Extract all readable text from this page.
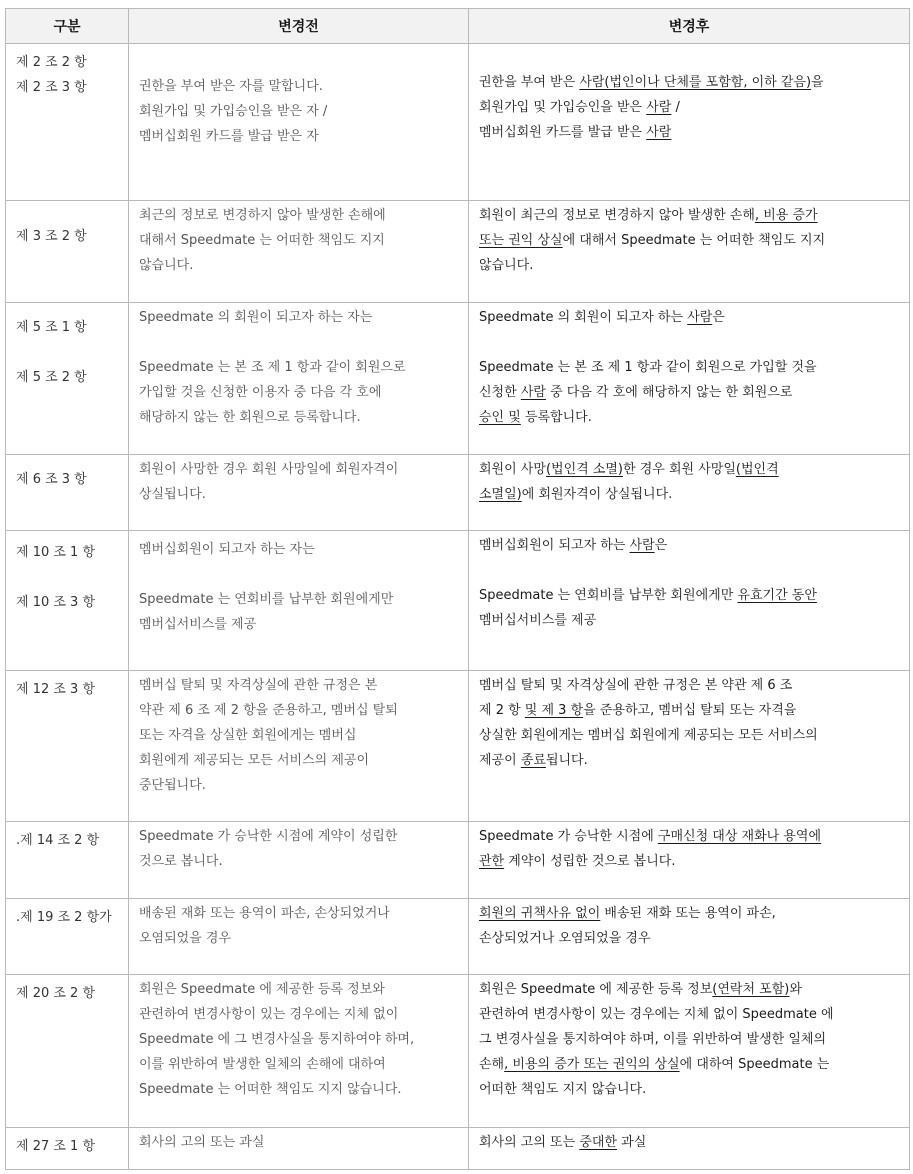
구분	변경전	변경후

제 2 조 2 항
제 2 조 3 항	권한을 부여 받은 자를 말합니다.
회원가입 및 가입승인을 받은 자 /
멤버십회원 카드를 발급 받은 자	권한을 부여 받은 사람(법인이나 단체를 포함함, 이하 같음)을
회원가입 및 가입승인을 받은 사람 /
멤버십회원 카드를 발급 받은 사람

제 3 조 2 항	최근의 정보로 변경하지 않아 발생한 손해에
대해서 Speedmate 는 어떠한 책임도 지지
않습니다.	회원이 최근의 정보로 변경하지 않아 발생한 손해, 비용 증가
또는 권익 상실에 대해서 Speedmate 는 어떠한 책임도 지지
않습니다.

제 5 조 1 항

제 5 조 2 항	Speedmate 의 회원이 되고자 하는 자는
Speedmate 는 본 조 제 1 항과 같이 회원으로
가입할 것을 신청한 이용자 중 다음 각 호에
해당하지 않는 한 회원으로 등록합니다.	Speedmate 의 회원이 되고자 하는 사람은
Speedmate 는 본 조 제 1 항과 같이 회원으로 가입할 것을
신청한 사람 중 다음 각 호에 해당하지 않는 한 회원으로
승인 및 등록합니다.

제 6 조 3 항	회원이 사망한 경우 회원 사망일에 회원자격이
상실됩니다.	회원이 사망(법인격 소멸)한 경우 회원 사망일(법인격
소멸일)에 회원자격이 상실됩니다.

제 10 조 1 항

제 10 조 3 항	멤버십회원이 되고자 하는 자는
Speedmate 는 연회비를 납부한 회원에게만
멤버십서비스를 제공	멤버십회원이 되고자 하는 사람은
Speedmate 는 연회비를 납부한 회원에게만 유효기간 동안
멤버십서비스를 제공

제 12 조 3 항	멤버십 탈퇴 및 자격상실에 관한 규정은 본
약관 제 6 조 제 2 항을 준용하고, 멤버십 탈퇴
또는 자격을 상실한 회원에게는 멤버십
회원에게 제공되는 모든 서비스의 제공이
중단됩니다.	멤버십 탈퇴 및 자격상실에 관한 규정은 본 약관 제 6 조
제 2 항 및 제 3 항을 준용하고, 멤버십 탈퇴 또는 자격을
상실한 회원에게는 멤버십 회원에게 제공되는 모든 서비스의
제공이 종료됩니다.

.제 14 조 2 항	Speedmate 가 승낙한 시점에 계약이 성립한
것으로 봅니다.	Speedmate 가 승낙한 시점에 구매신청 대상 재화나 용역에
관한 계약이 성립한 것으로 봅니다.

.제 19 조 2 항가	배송된 재화 또는 용역이 파손, 손상되었거나
오염되었을 경우	회원의 귀책사유 없이 배송된 재화 또는 용역이 파손,
손상되었거나 오염되었을 경우

제 20 조 2 항	회원은 Speedmate 에 제공한 등록 정보와
관련하여 변경사항이 있는 경우에는 지체 없이
Speedmate 에 그 변경사실을 통지하여야 하며,
이를 위반하여 발생한 일체의 손해에 대하여
Speedmate 는 어떠한 책임도 지지 않습니다.	회원은 Speedmate 에 제공한 등록 정보(연락처 포함)와
관련하여 변경사항이 있는 경우에는 지체 없이 Speedmate 에
그 변경사실을 통지하여야 하며, 이를 위반하여 발생한 일체의
손해, 비용의 증가 또는 권익의 상실에 대하여 Speedmate 는
어떠한 책임도 지지 않습니다.

제 27 조 1 항	회사의 고의 또는 과실	회사의 고의 또는 중대한 과실
